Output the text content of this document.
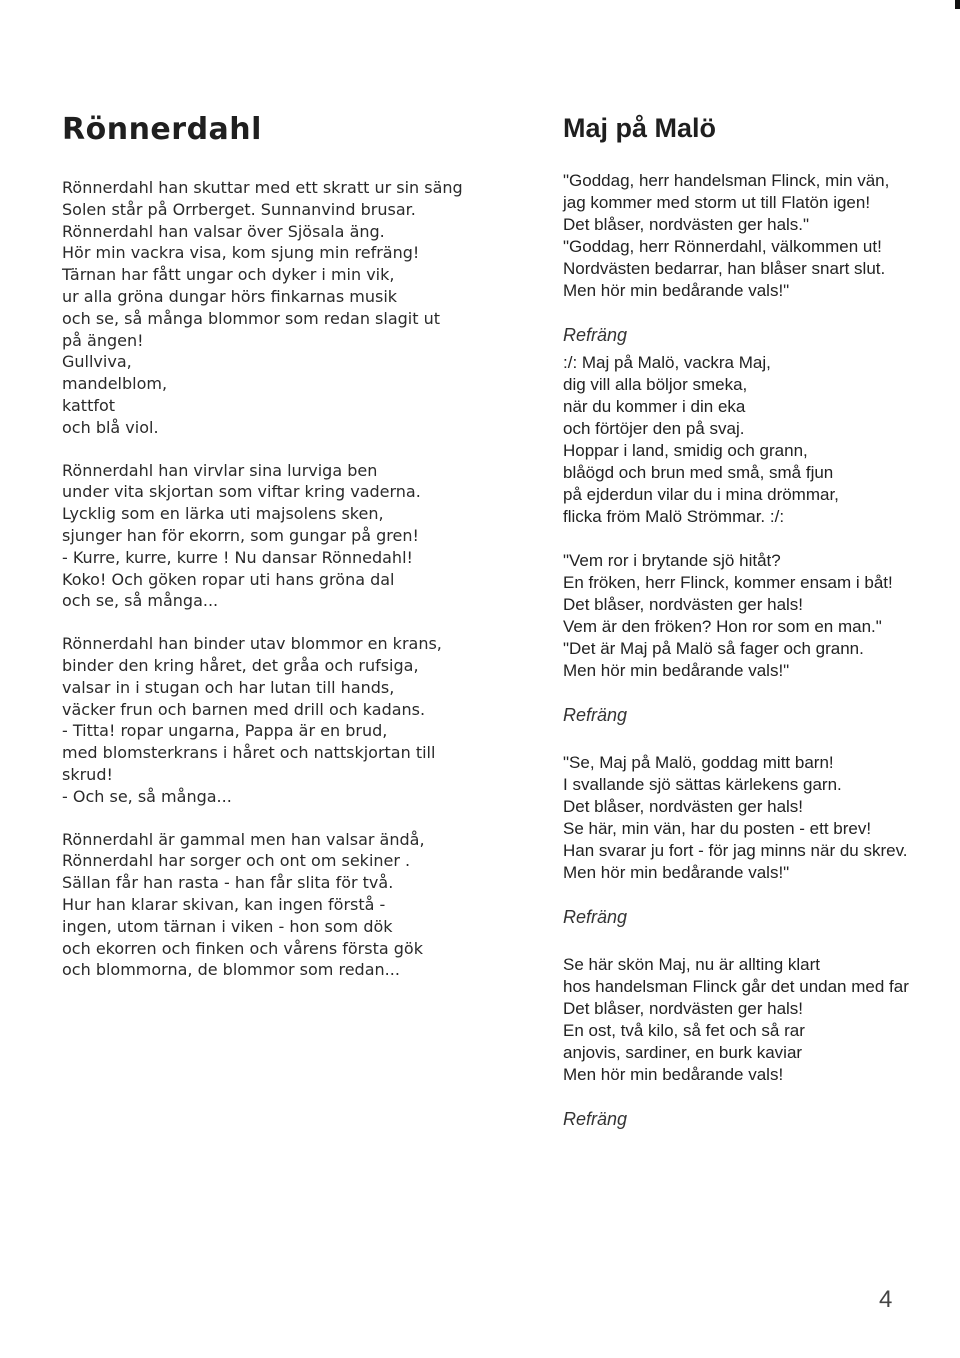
Rönnerdahl
Rönnerdahl han skuttar med ett skratt ur sin säng
Solen står på Orrberget. Sunnanvind brusar.
Rönnerdahl han valsar över Sjösala äng.
Hör min vackra visa, kom sjung min refräng!
Tärnan har fått ungar och dyker i min vik,
ur alla gröna dungar hörs finkarnas musik
och se, så många blommor som redan slagit ut
på ängen!
Gullviva,
mandelblom,
kattfot
och blå viol.
Rönnerdahl han virvlar sina lurviga ben
under vita skjortan som viftar kring vaderna.
Lycklig som en lärka uti majsolens sken,
sjunger han för ekorrn, som gungar på gren!
- Kurre, kurre, kurre ! Nu dansar Rönnedahl!
Koko! Och göken ropar uti hans gröna dal
och se, så många...
Rönnerdahl han binder utav blommor en krans,
binder den kring håret, det gråa och rufsiga,
valsar in i stugan och har lutan till hands,
väcker frun och barnen med drill och kadans.
- Titta! ropar ungarna, Pappa är en brud,
med blomsterkrans i håret och nattskjortan till
skrud!
- Och se, så många...
Rönnerdahl är gammal men han valsar ändå,
Rönnerdahl har sorger och ont om sekiner .
Sällan får han rasta - han får slita för två.
Hur han klarar skivan, kan ingen förstå -
ingen, utom tärnan i viken - hon som dök
och ekorren och finken och vårens första gök
och blommorna, de blommor som redan...
Maj på Malö
"Goddag, herr handelsman Flinck, min vän,
jag kommer med storm ut till Flatön igen!
Det blåser, nordvästen ger hals."
"Goddag, herr Rönnerdahl, välkommen ut!
Nordvästen bedarrar, han blåser snart slut.
Men hör min bedårande vals!"
Refräng
:/: Maj på Malö, vackra Maj,
dig vill alla böljor smeka,
när du kommer i din eka
och förtöjer den på svaj.
Hoppar i land, smidig och grann,
blåögd och brun med små, små fjun
på ejderdun vilar du i mina drömmar,
flicka fröm Malö Strömmar. :/:
"Vem ror i brytande sjö hitåt?
En fröken, herr Flinck, kommer ensam i båt!
Det blåser, nordvästen ger hals!
Vem är den fröken? Hon ror som en man."
"Det är Maj på Malö så fager och grann.
Men hör min bedårande vals!"
Refräng
"Se, Maj på Malö, goddag mitt barn!
I svallande sjö sättas kärlekens garn.
Det blåser, nordvästen ger hals!
Se här, min vän, har du posten - ett brev!
Han svarar ju fort - för jag minns när du skrev.
Men hör min bedårande vals!"
Refräng
Se här skön Maj, nu är allting klart
hos handelsman Flinck går det undan med far
Det blåser, nordvästen ger hals!
En ost, två kilo, så fet och så rar
anjovis, sardiner, en burk kaviar
Men hör min bedårande vals!
Refräng
4
